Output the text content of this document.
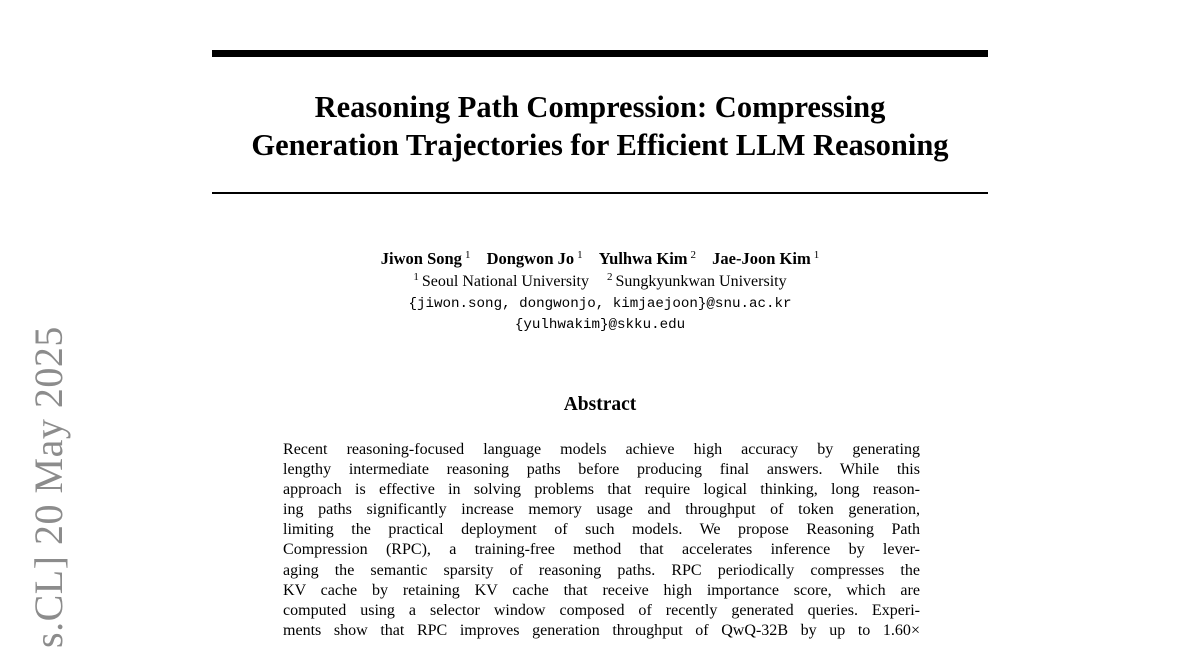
Reasoning Path Compression: Compressing
Generation Trajectories for Efficient LLM Reasoning
Jiwon Song $^1$ Dongwon Jo $^1$ Yulhwa Kim $^2$ Jae-Joon Kim $^1$
$^1$ Seoul National University $^2$ Sungkyunkwan University
{jiwon.song, dongwonjo, kimjaejoon}@snu.ac.kr
{yulhwakim}@skku.edu
Abstract
Recent reasoning-focused language models achieve high accuracy by generating
lengthy intermediate reasoning paths before producing final answers. While this
approach is effective in solving problems that require logical thinking, long reason-
ing paths significantly increase memory usage and throughput of token generation,
limiting the practical deployment of such models. We propose Reasoning Path
Compression (RPC), a training-free method that accelerates inference by lever-
aging the semantic sparsity of reasoning paths. RPC periodically compresses the
KV cache by retaining KV cache that receive high importance score, which are
computed using a selector window composed of recently generated queries. Experi-
ments show that RPC improves generation throughput of QwQ-32B by up to 1.60×
s.CL] 20 May 2025
